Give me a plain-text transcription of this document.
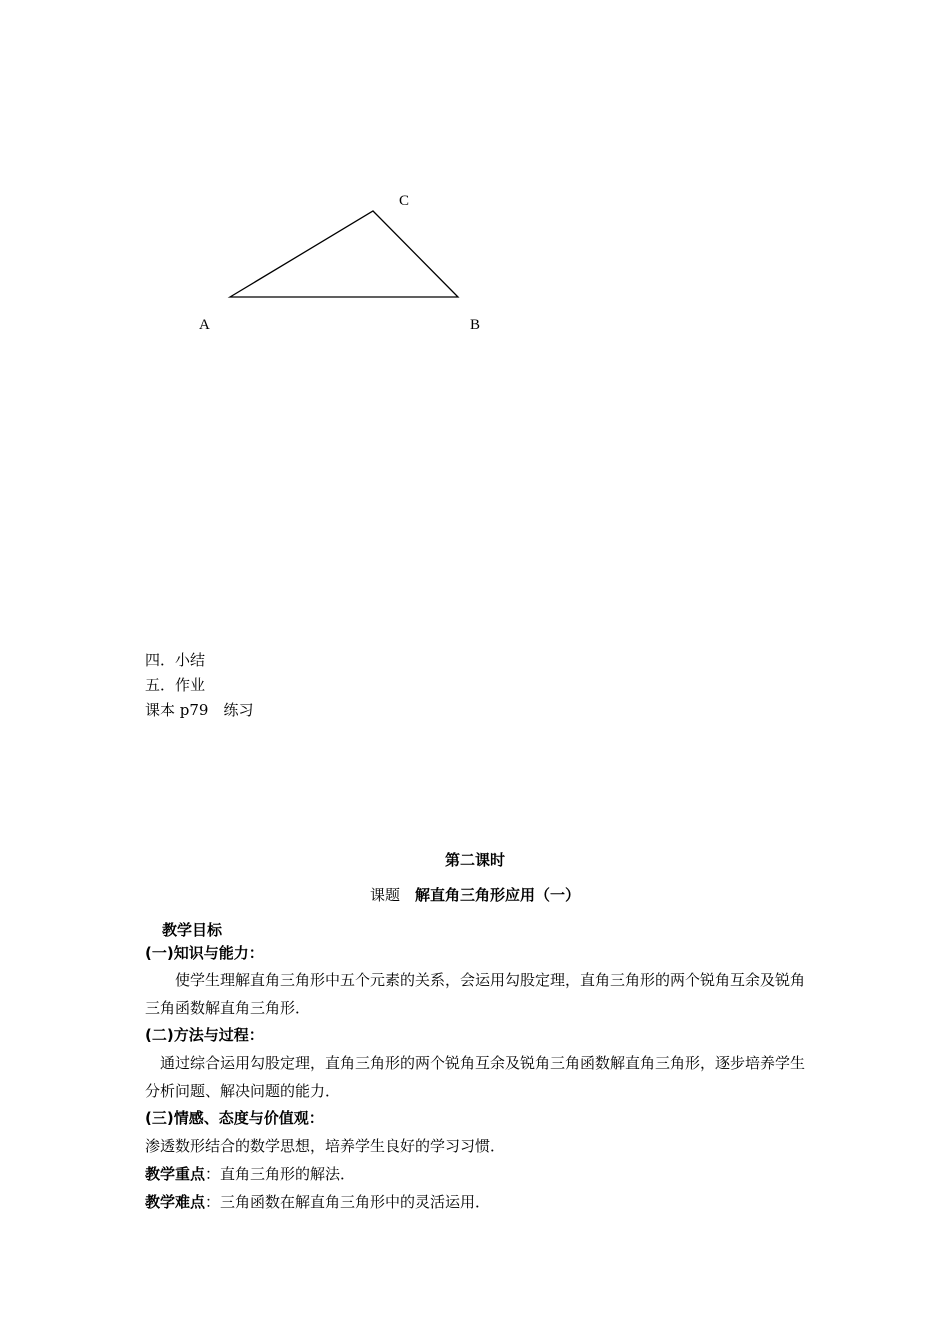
C
A	B
四．小结
五．作业
课本 p79　练习
第二课时
课题　解直角三角形应用（一）
教学目标
(一)知识与能力：
使学生理解直角三角形中五个元素的关系，会运用勾股定理，直角三角形的两个锐角互余及锐角三角函数解直角三角形．
(二)方法与过程：
通过综合运用勾股定理，直角三角形的两个锐角互余及锐角三角函数解直角三角形，逐步培养学生分析问题、解决问题的能力．
(三)情感、态度与价值观：
渗透数形结合的数学思想，培养学生良好的学习习惯．
教学重点：直角三角形的解法．
教学难点：三角函数在解直角三角形中的灵活运用．
